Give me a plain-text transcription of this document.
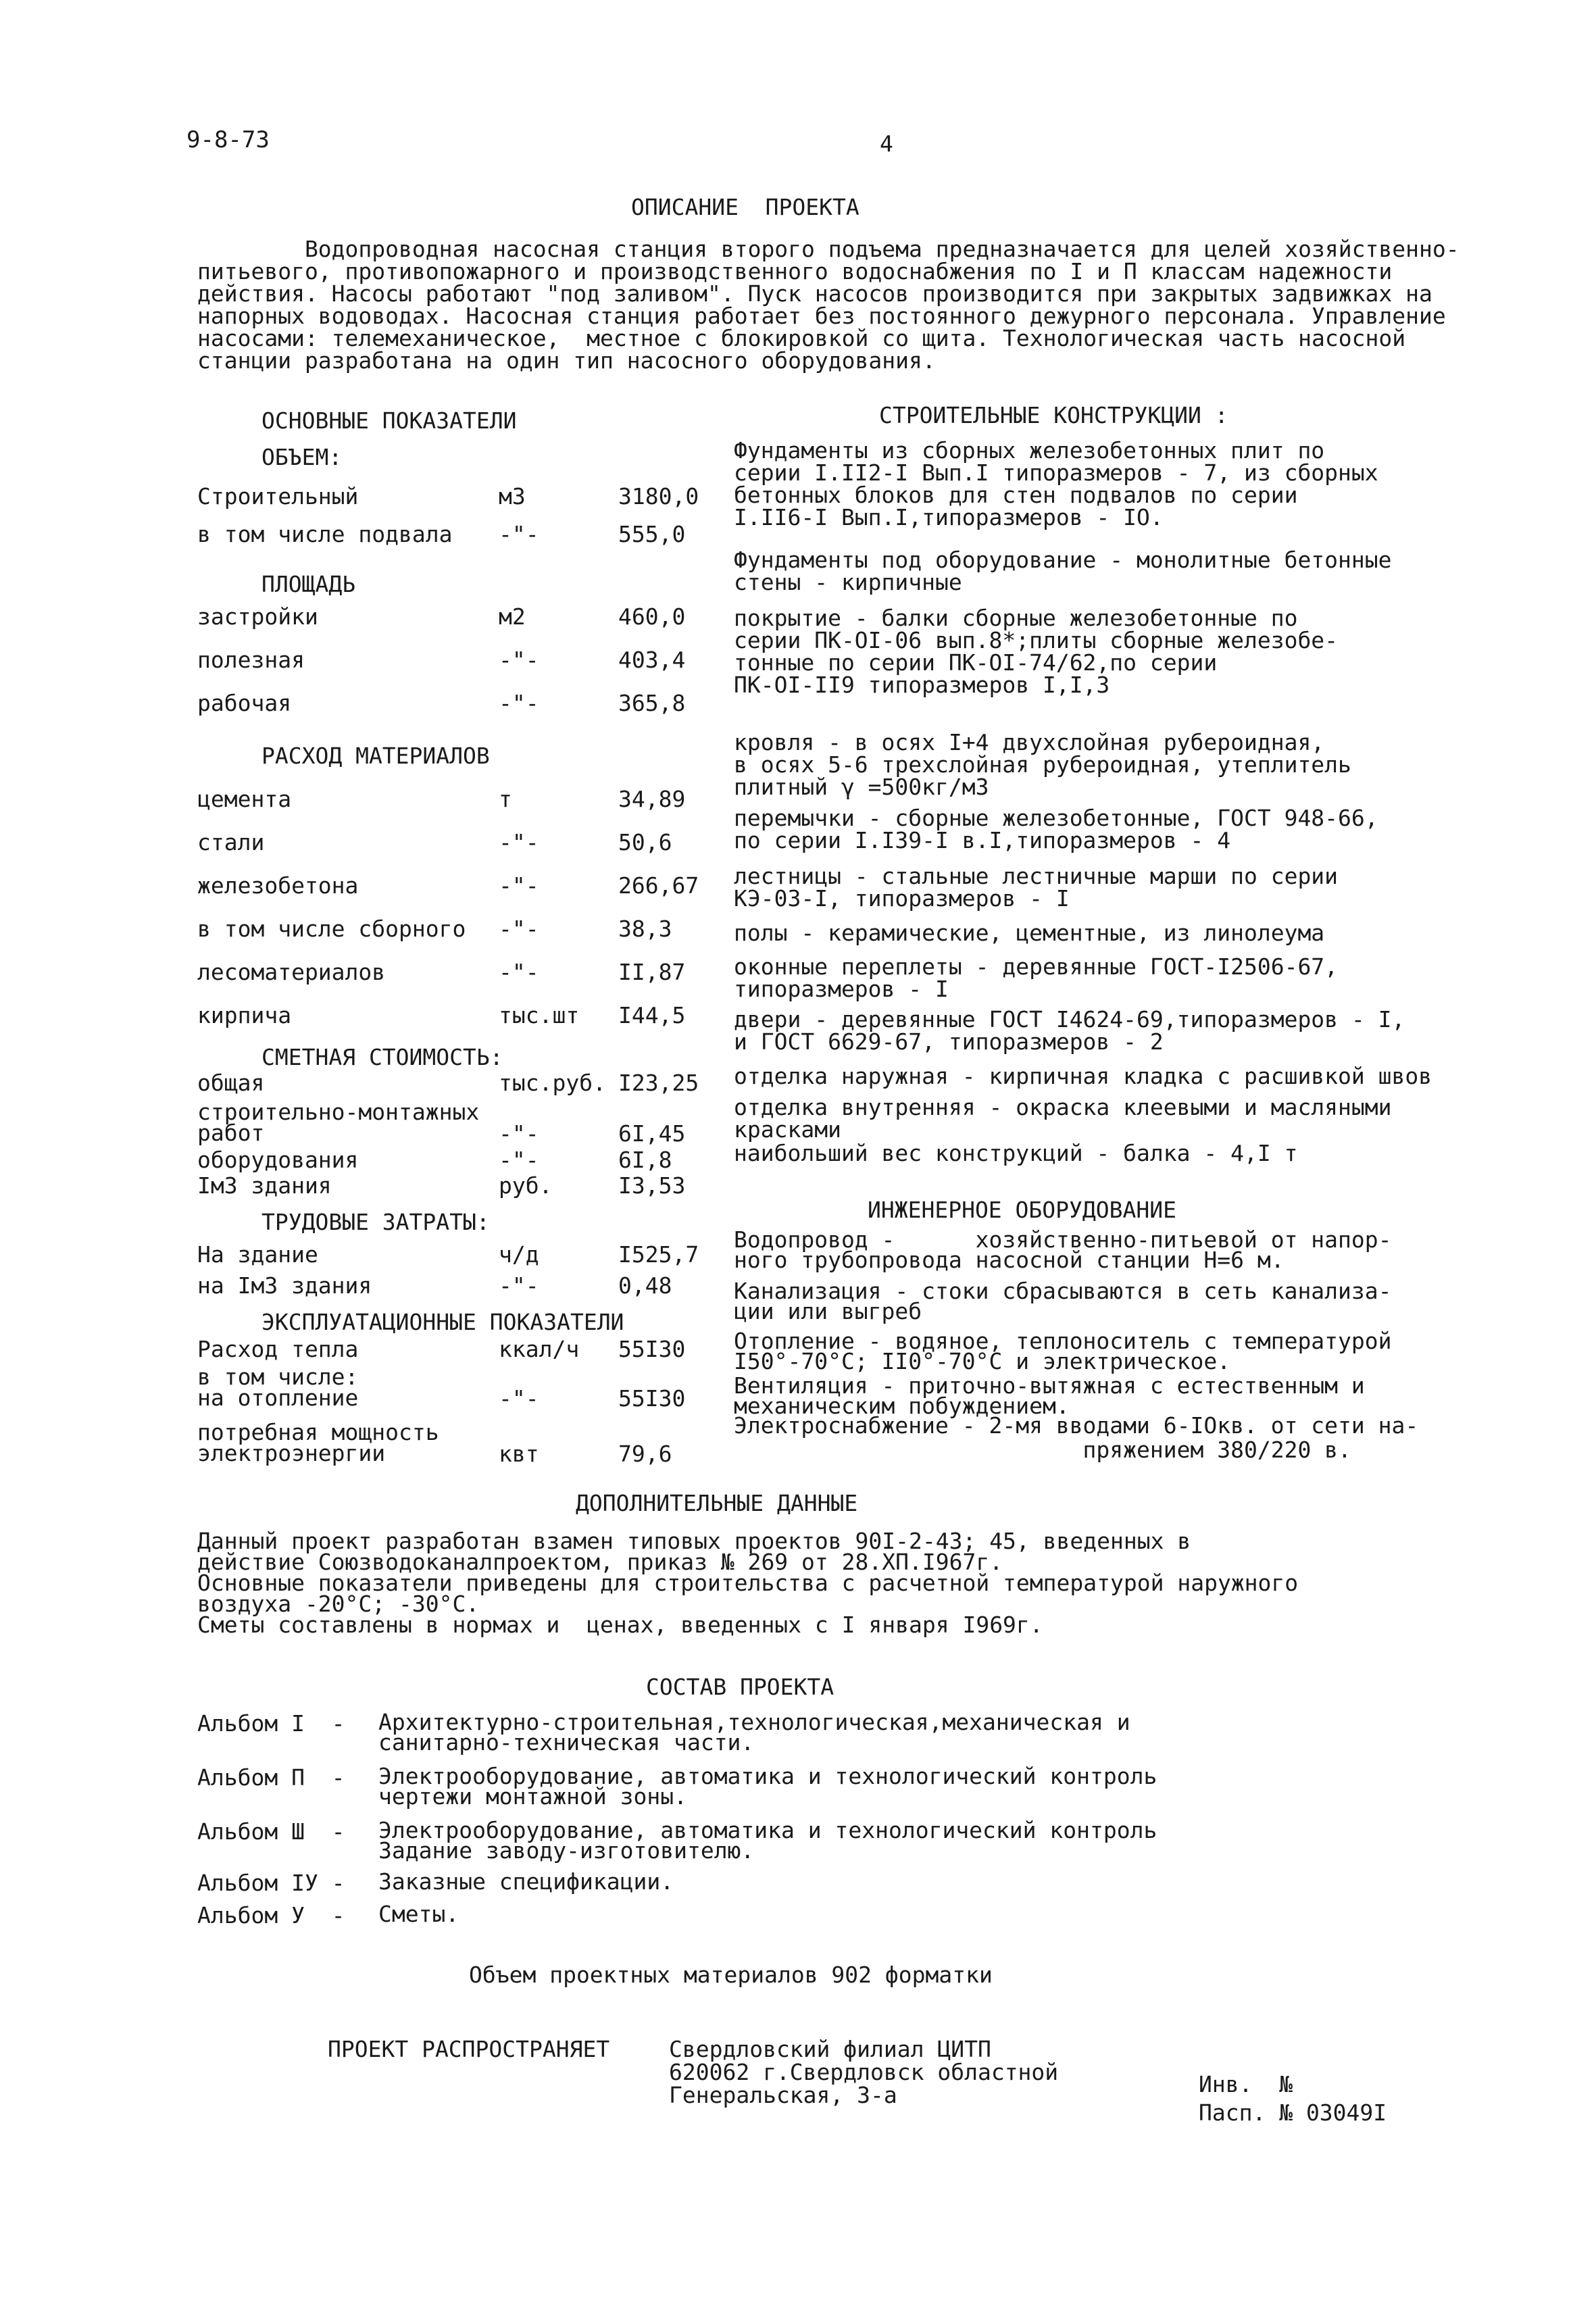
9-8-73	4
ОПИСАНИЕ  ПРОЕКТА
Водопроводная насосная станция второго подъема предназначается для целей хозяйственно-
питьевого, противопожарного и производственного водоснабжения по I и П классам надежности
действия. Насосы работают "под заливом". Пуск насосов производится при закрытых задвижках на
напорных водоводах. Насосная станция работает без постоянного дежурного персонала. Управление
насосами: телемеханическое,  местное с блокировкой со щита. Технологическая часть насосной
станции разработана на один тип насосного оборудования.
ОСНОВНЫЕ ПОКАЗАТЕЛИ
ОБЪЕМ:
Строительный	м3	3180,0
в том числе подвала -"-	555,0
ПЛОЩАДЬ
застройки	м2	460,0
полезная	-"-	403,4
рабочая	-"-	365,8
РАСХОД МАТЕРИАЛОВ
цемента	т	34,89
стали	-"-	50,6
железобетона	-"-	266,67
в том числе сборного -"-	38,3
лесоматериалов	-"-	II,87
кирпича	тыс.шт I44,5
СМЕТНАЯ СТОИМОСТЬ:
общая	тыс.руб. I23,25
строительно-монтажных
работ	-"-	6I,45
оборудования	-"-	6I,8
Iм3 здания	руб.	I3,53
ТРУДОВЫЕ ЗАТРАТЫ:
На здание	ч/д	I525,7
на Iм3 здания	-"-	0,48
ЭКСПЛУАТАЦИОННЫЕ ПОКАЗАТЕЛИ
Расход тепла	ккал/ч 55I30
в том числе:
на отопление	-"-	55I30
потребная мощность
электроэнергии	квт	79,6
СТРОИТЕЛЬНЫЕ КОНСТРУКЦИИ :
Фундаменты из сборных железобетонных плит по
серии I.II2-I Вып.I типоразмеров - 7, из сборных
бетонных блоков для стен подвалов по серии
I.II6-I Вып.I,типоразмеров - IO.
Фундаменты под оборудование - монолитные бетонные
стены - кирпичные
покрытие - балки сборные железобетонные по
серии ПК-OI-06 вып.8*;плиты сборные железобе-
тонные по серии ПК-OI-74/62,по серии
ПК-OI-II9 типоразмеров I,I,3
кровля - в осях I+4 двухслойная рубероидная,
в осях 5-6 трехслойная рубероидная, утеплитель
плитный γ =500кг/м3
перемычки - сборные железобетонные, ГОСТ 948-66,
по серии I.I39-I в.I,типоразмеров - 4
лестницы - стальные лестничные марши по серии
КЭ-03-I, типоразмеров - I
полы - керамические, цементные, из линолеума
оконные переплеты - деревянные ГОСТ-I2506-67,
типоразмеров - I
двери - деревянные ГОСТ I4624-69,типоразмеров - I,
и ГОСТ 6629-67, типоразмеров - 2
отделка наружная - кирпичная кладка с расшивкой швов
отделка внутренняя - окраска клеевыми и масляными
красками
наибольший вес конструкций - балка - 4,I т
ИНЖЕНЕРНОЕ ОБОРУДОВАНИЕ
Водопровод -      хозяйственно-питьевой от напор-
ного трубопровода насосной станции H=6 м.
Канализация - стоки сбрасываются в сеть канализа-
ции или выгреб
Отопление - водяное, теплоноситель с температурой
I50°-70°C; II0°-70°C и электрическое.
Вентиляция - приточно-вытяжная с естественным и
механическим побуждением.
Электроснабжение - 2-мя вводами 6-IOкв. от сети на-
пряжением 380/220 в.
ДОПОЛНИТЕЛЬНЫЕ ДАННЫЕ
Данный проект разработан взамен типовых проектов 90I-2-43; 45, введенных в
действие Союзводоканалпроектом, приказ № 269 от 28.ХП.I967г.
Основные показатели приведены для строительства с расчетной температурой наружного
воздуха -20°С; -30°С.
Сметы составлены в нормах и  ценах, введенных с I января I969г.
СОСТАВ ПРОЕКТА
Альбом I  - Архитектурно-строительная,технологическая,механическая и
санитарно-техническая части.
Альбом П  - Электрооборудование, автоматика и технологический контроль
чертежи монтажной зоны.
Альбом Ш  - Электрооборудование, автоматика и технологический контроль
Задание заводу-изготовителю.
Альбом IУ - Заказные спецификации.
Альбом У  - Сметы.
Объем проектных материалов 902 форматки
ПРОЕКТ РАСПРОСТРАНЯЕТ	Свердловский филиал ЦИТП
620062 г.Свердловск областной
Генеральская, 3-а	Инв.  №
Пасп. № 03049I
